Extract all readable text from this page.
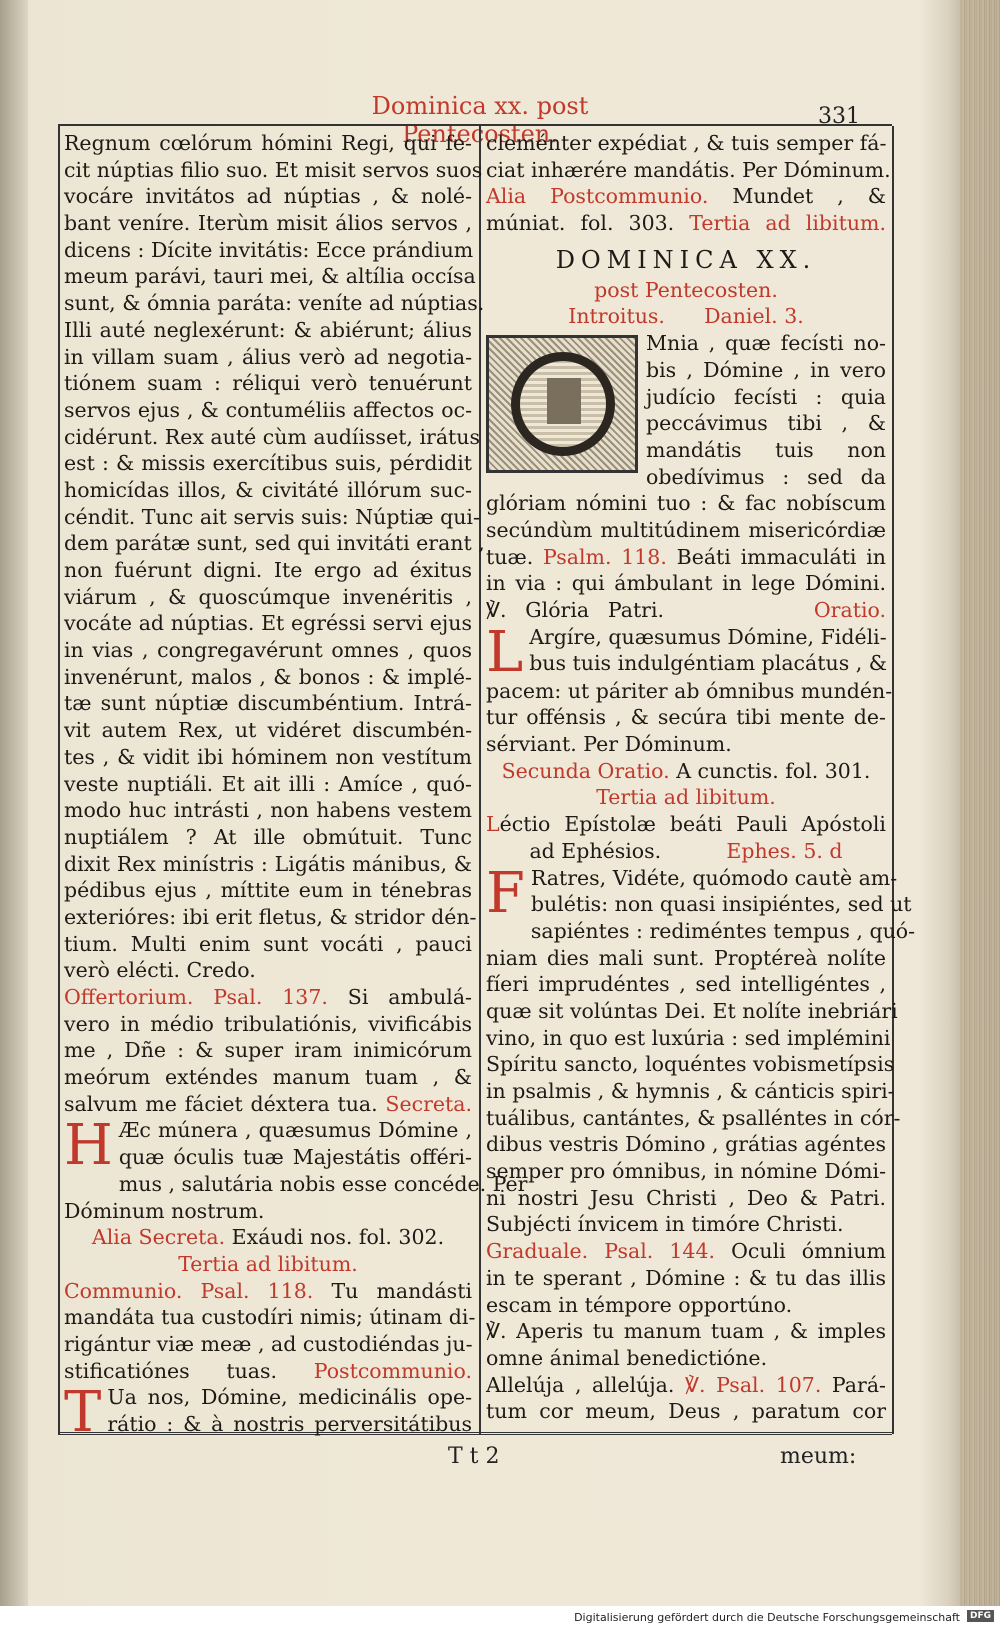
Dominica xx. post Pentecosten.
331
Regnum cœlórum hómini Regi, qui fe-
cit núptias filio suo. Et misit servos suos
vocáre invitátos ad núptias , & nolé-
bant veníre. Iterùm misit álios servos ,
dicens : Dícite invitátis: Ecce prándium
meum parávi, tauri mei, & altília occísa
sunt, & ómnia paráta: veníte ad núptias.
Illi auté neglexérunt: & abiérunt; álius
in villam suam , álius verò ad negotia-
tiónem suam : réliqui verò tenuérunt
servos ejus , & contuméliis affectos oc-
cidérunt. Rex auté cùm audíisset, irátus
est : & missis exercítibus suis, pérdidit
homicídas illos, & civitáté illórum suc-
céndit. Tunc ait servis suis: Núptiæ qui-
dem parátæ sunt, sed qui invitáti erant ,
non fuérunt digni. Ite ergo ad éxitus
viárum , & quoscúmque invenéritis ,
vocáte ad núptias. Et egréssi servi ejus
in vias , congregavérunt omnes , quos
invenérunt, malos , & bonos : & implé-
tæ sunt núptiæ discumbéntium. Intrá-
vit autem Rex, ut vidéret discumbén-
tes , & vidit ibi hóminem non vestítum
veste nuptiáli. Et ait illi : Amíce , quó-
modo huc intrásti , non habens vestem
nuptiálem ? At ille obmútuit. Tunc
dixit Rex minístris : Ligátis mánibus, &
pédibus ejus , míttite eum in ténebras
exterióres: ibi erit fletus, & stridor dén-
tium. Multi enim sunt vocáti , pauci
verò elécti. Credo.
Offertorium. Psal. 137. Si ambulá-
vero in médio tribulatiónis, vivificábis
me , Dñe : & super iram inimicórum
meórum exténdes manum tuam , &
salvum me fáciet déxtera tua. Secreta.
H Æc múnera , quæsumus Dómine ,
quæ óculis tuæ Majestátis offéri-
mus , salutária nobis esse concéde. Per
Dóminum nostrum.
Alia Secreta. Exáudi nos. fol. 302.
Tertia ad libitum.
Communio. Psal. 118. Tu mandásti
mandáta tua custodíri nimis; útinam di-
rigántur viæ meæ , ad custodiéndas ju-
stificatiónes tuas. Postcommunio.
T Ua nos, Dómine, medicinális ope-
rátio : & à nostris perversitátibus
cleménter expédiat , & tuis semper fá-
ciat inhærére mandátis. Per Dóminum.
Alia Postcommunio. Mundet , &
múniat. fol. 303. Tertia ad libitum.
DOMINICA XX.
post Pentecosten.
Introitus. Daniel. 3.
Mnia , quæ fecísti no-
bis , Dómine , in vero
judício fecísti : quia
peccávimus tibi , &
mandátis tuis non
obedívimus : sed da
glóriam nómini tuo : & fac nobíscum
secúndùm multitúdinem misericórdiæ
tuæ. Psalm. 118. Beáti immaculáti in
in via : qui ámbulant in lege Dómini.
℣. Glória Patri.	Oratio.
L Argíre, quæsumus Dómine, Fidéli-
bus tuis indulgéntiam placátus , &
pacem: ut páriter ab ómnibus mundén-
tur offénsis , & secúra tibi mente de-
sérviant. Per Dóminum.
Secunda Oratio. A cunctis. fol. 301.
Tertia ad libitum.
Léctio Epístolæ beáti Pauli Apóstoli
ad Ephésios.	Ephes. 5. d
F Ratres, Vidéte, quómodo cautè am-
bulétis: non quasi insipiéntes, sed ut
sapiéntes : rediméntes tempus , quó-
niam dies mali sunt. Proptéreà nolíte
fíeri imprudéntes , sed intelligéntes ,
quæ sit volúntas Dei. Et nolíte inebriári
vino, in quo est luxúria : sed implémini
Spíritu sancto, loquéntes vobismetípsis
in psalmis , & hymnis , & cánticis spiri-
tuálibus, cantántes, & psalléntes in cór-
dibus vestris Dómino , grátias agéntes
semper pro ómnibus, in nómine Dómi-
ni nostri Jesu Christi , Deo & Patri.
Subjécti ínvicem in timóre Christi.
Graduale. Psal. 144. Oculi ómnium
in te sperant , Dómine : & tu das illis
escam in témpore opportúno.
℣. Aperis tu manum tuam , & imples
omne ánimal benedictióne.
Allelúja , allelúja. ℣. Psal. 107. Pará-
tum cor meum, Deus , paratum cor
T t 2	meum:
Digitalisierung gefördert durch die Deutsche Forschungsgemeinschaft	DFG
